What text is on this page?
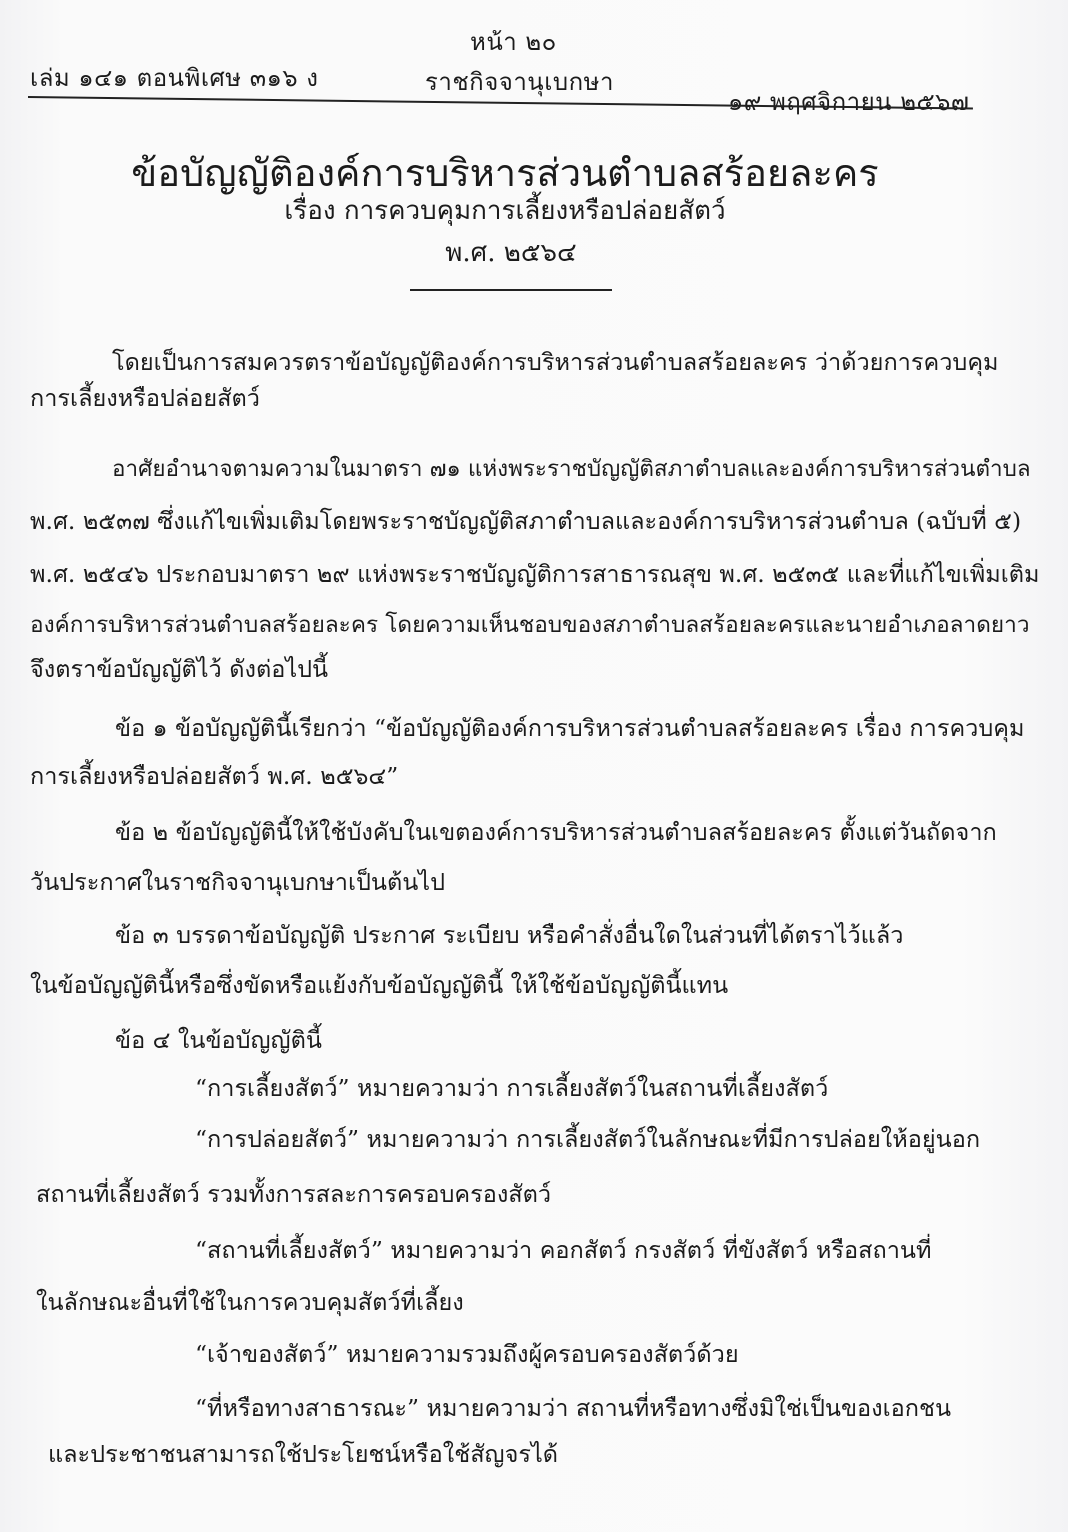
หน้า ๒๐
เล่ม ๑๔๑ ตอนพิเศษ ๓๑๖ ง	ราชกิจจานุเบกษา
๑๙ พฤศจิกายน ๒๕๖๗
ข้อบัญญัติองค์การบริหารส่วนตำบลสร้อยละคร
เรื่อง การควบคุมการเลี้ยงหรือปล่อยสัตว์
พ.ศ. ๒๕๖๔
โดยเป็นการสมควรตราข้อบัญญัติองค์การบริหารส่วนตำบลสร้อยละคร ว่าด้วยการควบคุม
การเลี้ยงหรือปล่อยสัตว์
อาศัยอำนาจตามความในมาตรา ๗๑ แห่งพระราชบัญญัติสภาตำบลและองค์การบริหารส่วนตำบล
พ.ศ. ๒๕๓๗ ซึ่งแก้ไขเพิ่มเติมโดยพระราชบัญญัติสภาตำบลและองค์การบริหารส่วนตำบล (ฉบับที่ ๕)
พ.ศ. ๒๕๔๖ ประกอบมาตรา ๒๙ แห่งพระราชบัญญัติการสาธารณสุข พ.ศ. ๒๕๓๕ และที่แก้ไขเพิ่มเติม
องค์การบริหารส่วนตำบลสร้อยละคร โดยความเห็นชอบของสภาตำบลสร้อยละครและนายอำเภอลาดยาว
จึงตราข้อบัญญัติไว้ ดังต่อไปนี้
ข้อ ๑ ข้อบัญญัตินี้เรียกว่า “ข้อบัญญัติองค์การบริหารส่วนตำบลสร้อยละคร เรื่อง การควบคุม
การเลี้ยงหรือปล่อยสัตว์ พ.ศ. ๒๕๖๔”
ข้อ ๒ ข้อบัญญัตินี้ให้ใช้บังคับในเขตองค์การบริหารส่วนตำบลสร้อยละคร ตั้งแต่วันถัดจาก
วันประกาศในราชกิจจานุเบกษาเป็นต้นไป
ข้อ ๓ บรรดาข้อบัญญัติ ประกาศ ระเบียบ หรือคำสั่งอื่นใดในส่วนที่ได้ตราไว้แล้ว
ในข้อบัญญัตินี้หรือซึ่งขัดหรือแย้งกับข้อบัญญัตินี้ ให้ใช้ข้อบัญญัตินี้แทน
ข้อ ๔ ในข้อบัญญัตินี้
“การเลี้ยงสัตว์” หมายความว่า การเลี้ยงสัตว์ในสถานที่เลี้ยงสัตว์
“การปล่อยสัตว์” หมายความว่า การเลี้ยงสัตว์ในลักษณะที่มีการปล่อยให้อยู่นอก
สถานที่เลี้ยงสัตว์ รวมทั้งการสละการครอบครองสัตว์
“สถานที่เลี้ยงสัตว์” หมายความว่า คอกสัตว์ กรงสัตว์ ที่ขังสัตว์ หรือสถานที่
ในลักษณะอื่นที่ใช้ในการควบคุมสัตว์ที่เลี้ยง
“เจ้าของสัตว์” หมายความรวมถึงผู้ครอบครองสัตว์ด้วย
“ที่หรือทางสาธารณะ” หมายความว่า สถานที่หรือทางซึ่งมิใช่เป็นของเอกชน
และประชาชนสามารถใช้ประโยชน์หรือใช้สัญจรได้
